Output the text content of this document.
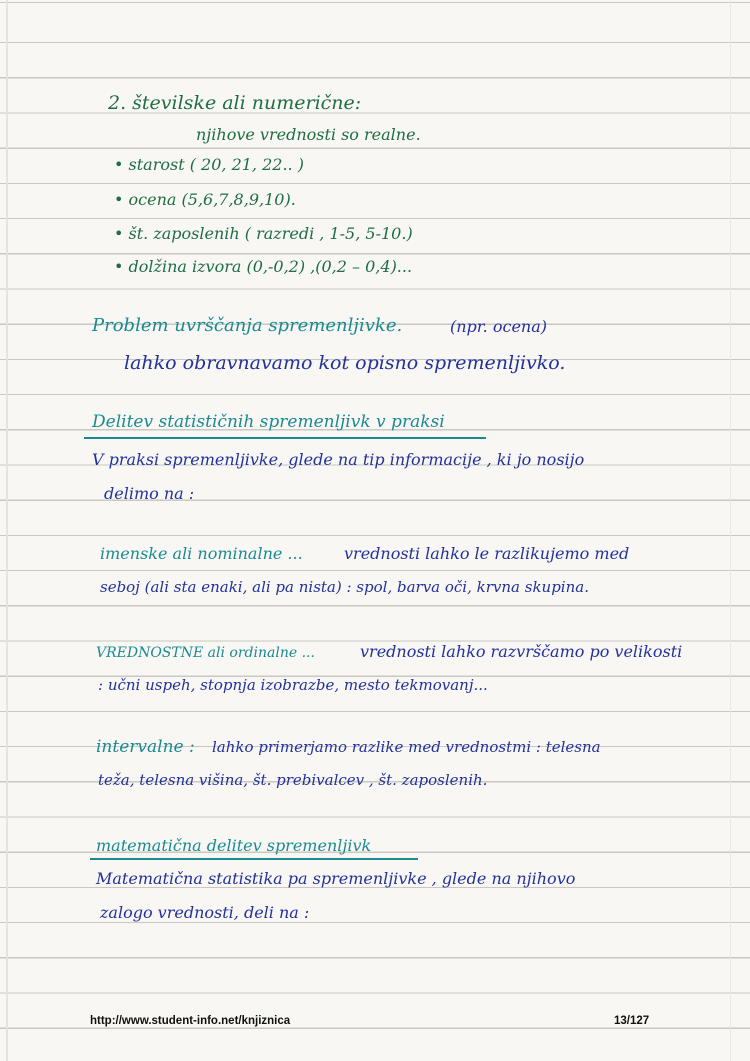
2. številske ali numerične:
njihove vrednosti so realne.
• starost ( 20, 21, 22.. )
• ocena (5,6,7,8,9,10).
• št. zaposlenih ( razredi , 1-5, 5-10.)
• dolžina izvora (0,-0,2) ,(0,2 – 0,4)...
Problem uvrščanja spremenljivke.	(npr. ocena)
lahko obravnavamo kot opisno spremenljivko.
Delitev statističnih spremenljivk v praksi
V praksi spremenljivke, glede na tip informacije , ki jo nosijo
delimo na :
imenske ali nominalne ...	vrednosti lahko le razlikujemo med
seboj (ali sta enaki, ali pa nista) : spol, barva oči, krvna skupina.
VREDNOSTNE ali ordinalne ...	vrednosti lahko razvrščamo po velikosti
: učni uspeh, stopnja izobrazbe, mesto tekmovanj...
intervalne : lahko primerjamo razlike med vrednostmi : telesna
teža, telesna višina, št. prebivalcev , št. zaposlenih.
matematična delitev spremenljivk
Matematična statistika pa spremenljivke , glede na njihovo
zalogo vrednosti, deli na :
http://www.student-info.net/knjiznica	13/127
